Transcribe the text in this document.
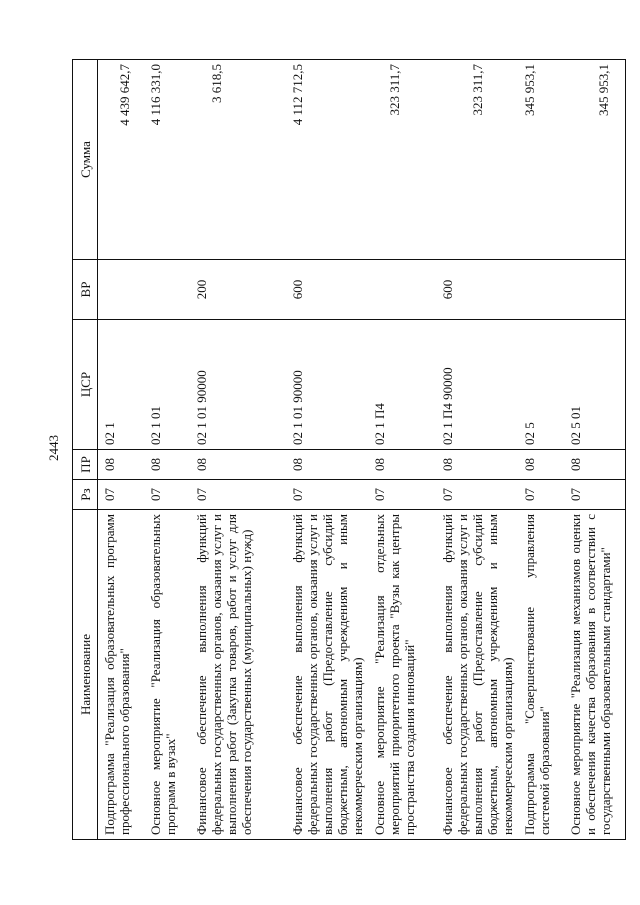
2443
Наименование	Рз	ПР	ЦСР	ВР	Сумма
Подпрограмма "Реализация образовательных программ профессионального образования"	07	08	02 1		4 439 642,7

Основное мероприятие "Реализация образовательных программ в вузах"	07	08	02 1 01		4 116 331,0

Финансовое обеспечение выполнения функций федеральных государственных органов, оказания услуг и выполнения работ (Закупка товаров, работ и услуг для обеспечения государственных (муниципальных) нужд)	07	08	02 1 01 90000	200	3 618,5

Финансовое обеспечение выполнения функций федеральных государственных органов, оказания услуг и выполнения работ (Предоставление субсидий бюджетным, автономным учреждениям и иным некоммерческим организациям)	07	08	02 1 01 90000	600	4 112 712,5

Основное мероприятие "Реализация отдельных мероприятий приоритетного проекта "Вузы как центры пространства создания инноваций"	07	08	02 1 П4		323 311,7

Финансовое обеспечение выполнения функций федеральных государственных органов, оказания услуг и выполнения работ (Предоставление субсидий бюджетным, автономным учреждениям и иным некоммерческим организациям)	07	08	02 1 П4 90000	600	323 311,7

Подпрограмма "Совершенствование управления системой образования"	07	08	02 5		345 953,1

Основное мероприятие "Реализация механизмов оценки и обеспечения качества образования в соответствии с государственными образовательными стандартами"	07	08	02 5 01		345 953,1
